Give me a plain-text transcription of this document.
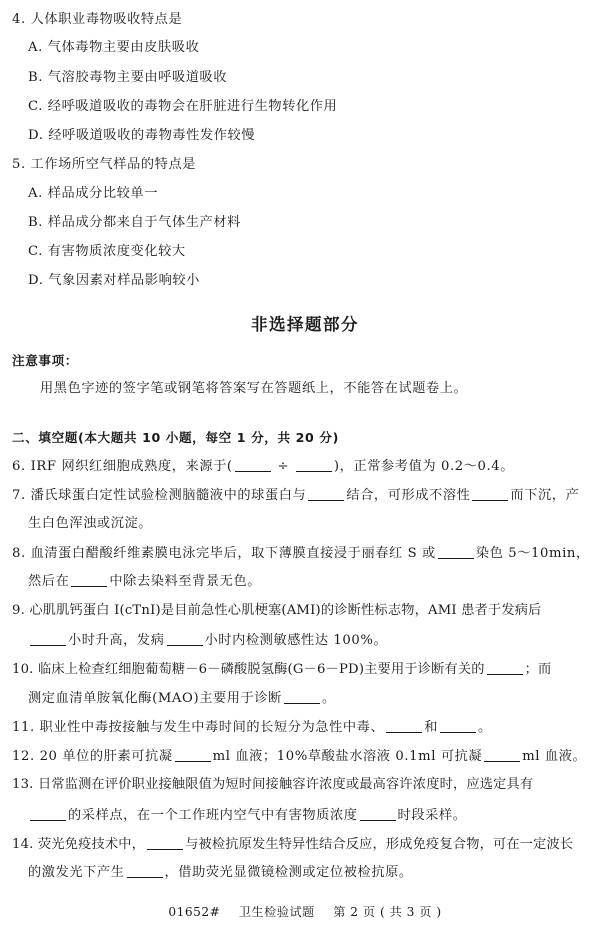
4. 人体职业毒物吸收特点是
A. 气体毒物主要由皮肤吸收
B. 气溶胶毒物主要由呼吸道吸收
C. 经呼吸道吸收的毒物会在肝脏进行生物转化作用
D. 经呼吸道吸收的毒物毒性发作较慢
5. 工作场所空气样品的特点是
A. 样品成分比较单一
B. 样品成分都来自于气体生产材料
C. 有害物质浓度变化较大
D. 气象因素对样品影响较小
非选择题部分
注意事项：
用黑色字迹的签字笔或钢笔将答案写在答题纸上，不能答在试题卷上。
二、填空题(本大题共 10 小题，每空 1 分，共 20 分)
6. IRF 网织红细胞成熟度，来源于(	÷	)，正常参考值为 0.2～0.4。
7. 潘氏球蛋白定性试验检测脑髓液中的球蛋白与	结合，可形成不溶性	而下沉，产
生白色浑浊或沉淀。
8. 血清蛋白醋酸纤维素膜电泳完毕后，取下薄膜直接浸于丽春红 S 或	染色 5～10min，
然后在	中除去染料至背景无色。
9. 心肌肌钙蛋白 I(cTnI)是目前急性心肌梗塞(AMI)的诊断性标志物，AMI 患者于发病后
小时升高，发病	小时内检测敏感性达 100%。
10. 临床上检查红细胞葡萄糖－6－磷酸脱氢酶(G－6－PD)主要用于诊断有关的	；而
测定血清单胺氧化酶(MAO)主要用于诊断	。
11. 职业性中毒按接触与发生中毒时间的长短分为急性中毒、	和	。
12. 20 单位的肝素可抗凝	ml 血液；10%草酸盐水溶液 0.1ml 可抗凝	ml 血液。
13. 日常监测在评价职业接触限值为短时间接触容许浓度或最高容许浓度时，应选定具有
的采样点，在一个工作班内空气中有害物质浓度	时段采样。
14. 荧光免疫技术中，	与被检抗原发生特异性结合反应，形成免疫复合物，可在一定波长
的激发光下产生	，借助荧光显微镜检测或定位被检抗原。
01652# 卫生检验试题 第 2 页 ( 共 3 页 )
